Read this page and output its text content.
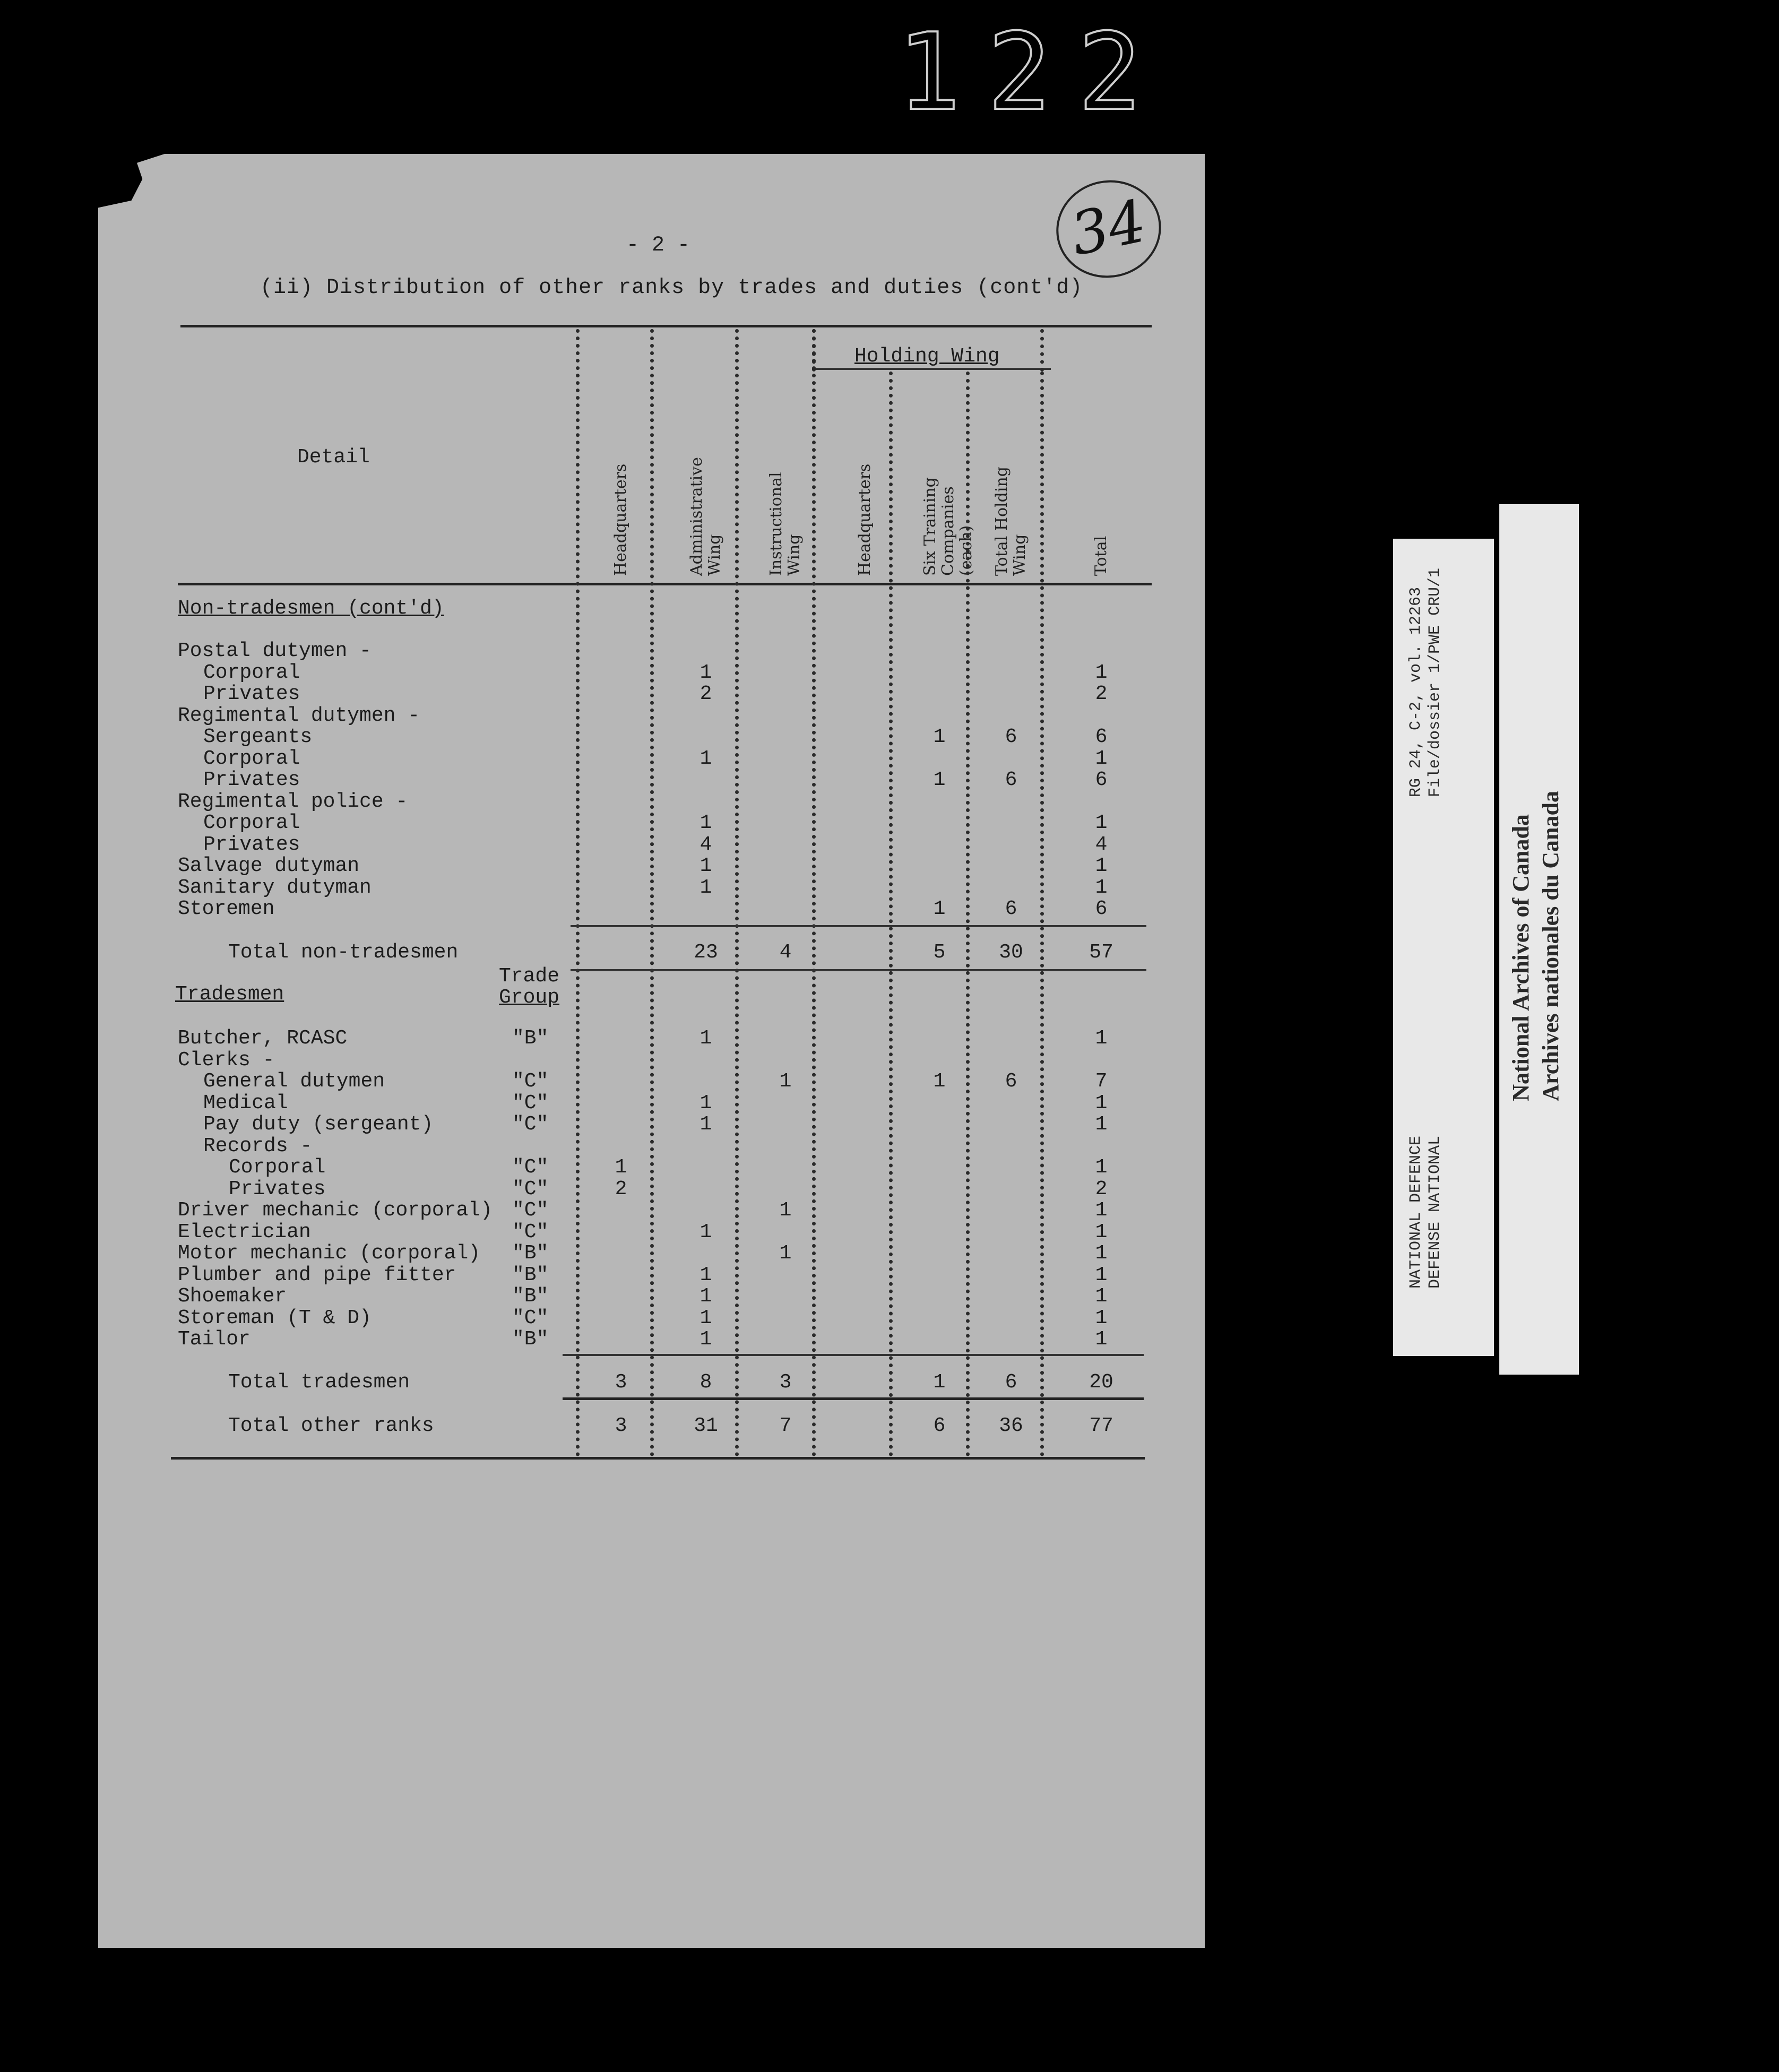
122
34
- 2 -
(ii) Distribution of other ranks by trades and duties (cont'd)
Detail
Holding Wing
RG 24, C-2, vol. 12263 File/dossier 1/PWE CRU/1
NATIONAL DEFENCE DEFENSE NATIONAL
National Archives of Canada Archives nationales du Canada
Headquarters	Administrative Wing	Instructional Wing	Headquarters	Six Training Companies (each) Total Holding Wing	Total
Non-tradesmen (cont'd)
Postal dutymen -
Corporal	1	1
Privates	2	2
Regimental dutymen -
Sergeants	1	6	6
Corporal	1	1
Privates	1	6	6
Regimental police -
Corporal	1	1
Privates	4	4
Salvage dutyman	1	1
Sanitary dutyman	1	1
Storemen	1	6	6
Total non-tradesmen	23	4	5	30	57
Trade
Group
Tradesmen
Butcher, RCASC	"B"	1	1
Clerks -
General dutymen	"C"	1	1	6	7
Medical	"C"	1	1
Pay duty (sergeant)	"C"	1	1
Records -
Corporal	"C"	1	1
Privates	"C"	2	2
Driver mechanic (corporal) "C"	1	1
Electrician	"C"	1	1
Motor mechanic (corporal) "B"	1	1
Plumber and pipe fitter	"B"	1	1
Shoemaker	"B"	1	1
Storeman (T & D)	"C"	1	1
Tailor	"B"	1	1
Total tradesmen	3	8	3	1	6	20
Total other ranks	3	31	7	6	36	77
